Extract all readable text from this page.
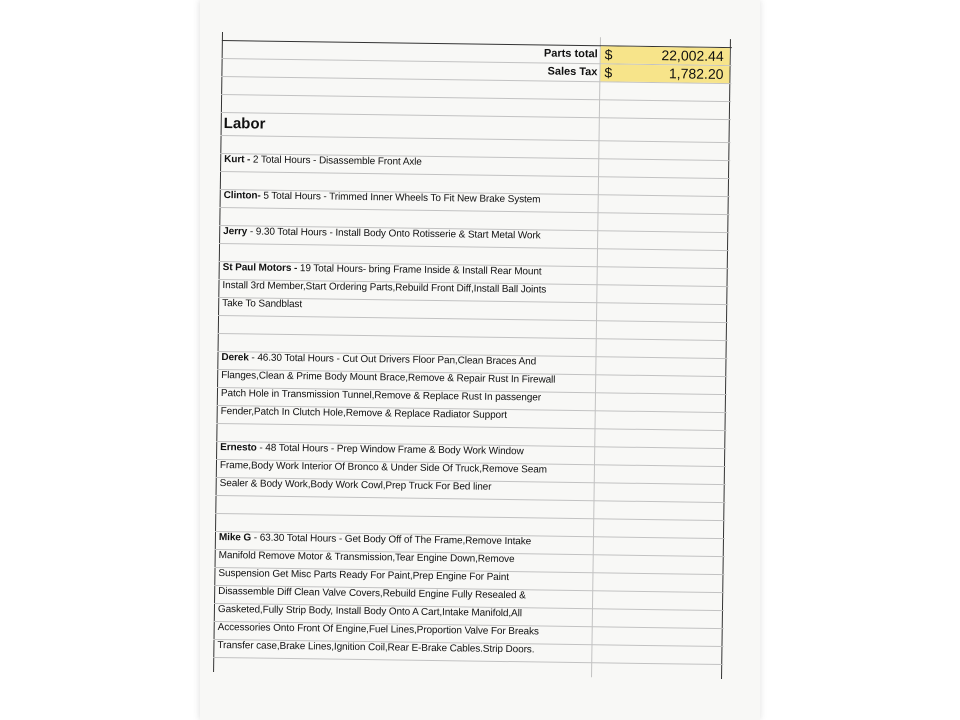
Parts total $	22,002.44
Sales Tax $	1,782.20
Labor
Kurt - 2 Total Hours - Disassemble Front Axle
Clinton- 5 Total Hours - Trimmed Inner Wheels To Fit New Brake System
Jerry - 9.30 Total Hours - Install Body Onto Rotisserie & Start Metal Work
St Paul Motors - 19 Total Hours- bring Frame Inside & Install Rear Mount
Install 3rd Member,Start Ordering Parts,Rebuild Front Diff,Install Ball Joints
Take To Sandblast
Derek - 46.30 Total Hours - Cut Out Drivers Floor Pan,Clean Braces And
Flanges,Clean & Prime Body Mount Brace,Remove & Repair Rust In Firewall
Patch Hole in Transmission Tunnel,Remove & Replace Rust In passenger
Fender,Patch In Clutch Hole,Remove & Replace Radiator Support
Ernesto - 48 Total Hours - Prep Window Frame & Body Work Window
Frame,Body Work Interior Of Bronco & Under Side Of Truck,Remove Seam
Sealer & Body Work,Body Work Cowl,Prep Truck For Bed liner
Mike G - 63.30 Total Hours - Get Body Off of The Frame,Remove Intake
Manifold Remove Motor & Transmission,Tear Engine Down,Remove
Suspension Get Misc Parts Ready For Paint,Prep Engine For Paint
Disassemble Diff Clean Valve Covers,Rebuild Engine Fully Resealed &
Gasketed,Fully Strip Body, Install Body Onto A Cart,Intake Manifold,All
Accessories Onto Front Of Engine,Fuel Lines,Proportion Valve For Breaks
Transfer case,Brake Lines,Ignition Coil,Rear E-Brake Cables.Strip Doors.
